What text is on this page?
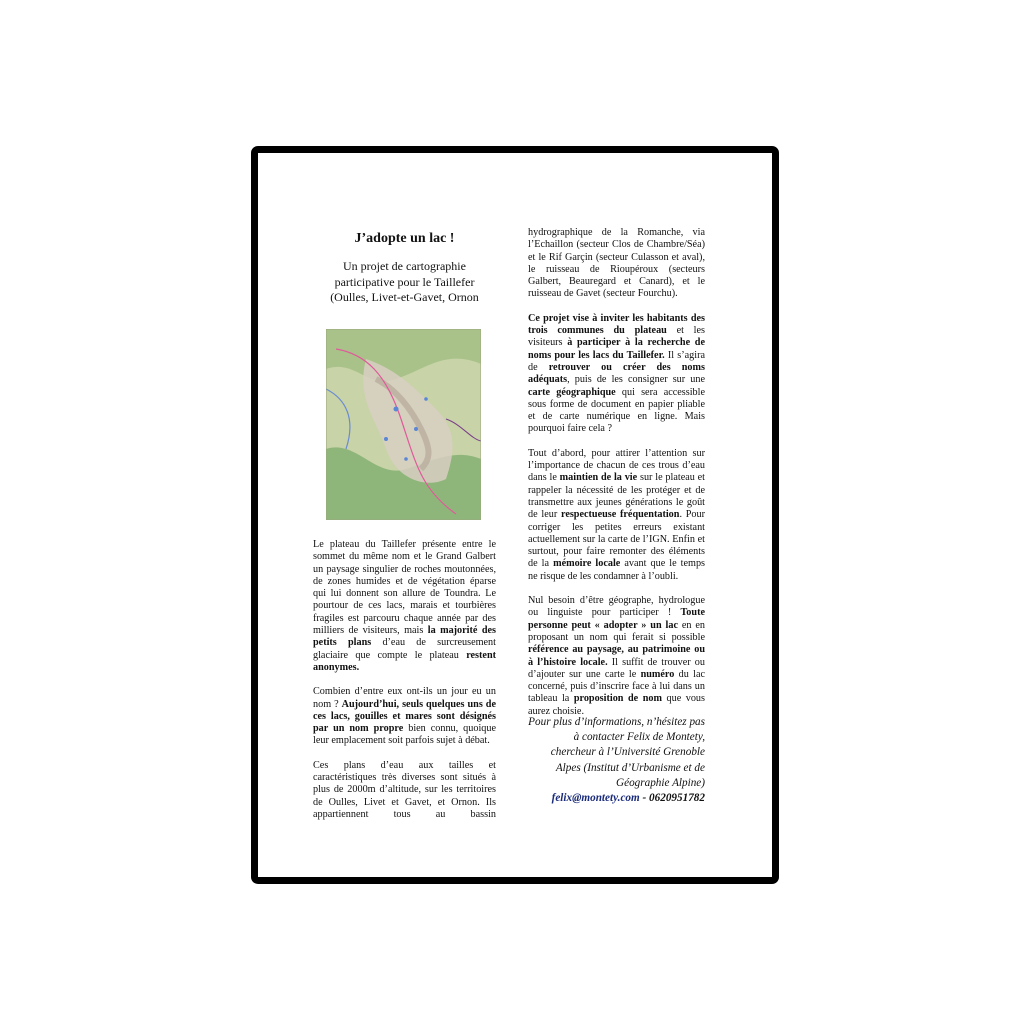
J’adopte un lac !
Un projet de cartographie
participative pour le Taillefer
(Oulles, Livet-et-Gavet, Ornon

Le plateau du Taillefer présente entre le sommet du même nom et le Grand Galbert un paysage singulier de roches moutonnées, de zones humides et de végétation éparse qui lui donnent son allure de Toundra. Le pourtour de ces lacs, marais et tourbières fragiles est parcouru chaque année par des milliers de visiteurs, mais la majorité des petits plans d’eau de surcreusement glaciaire que compte le plateau restent anonymes.

Combien d’entre eux ont-ils un jour eu un nom ? Aujourd’hui, seuls quelques uns de ces lacs, gouilles et mares sont désignés par un nom propre bien connu, quoique leur emplacement soit parfois sujet à débat.

Ces plans d’eau aux tailles et caractéristiques très diverses sont situés à plus de 2000m d’altitude, sur les territoires de Oulles, Livet et Gavet, et Ornon. Ils appartiennent tous au bassin

hydrographique de la Romanche, via l’Echaillon (secteur Clos de Chambre/Séa) et le Rif Garçin (secteur Culasson et aval), le ruisseau de Rioupéroux (secteurs Galbert, Beauregard et Canard), et le ruisseau de Gavet (secteur Fourchu).

Ce projet vise à inviter les habitants des trois communes du plateau et les visiteurs à participer à la recherche de noms pour les lacs du Taillefer. Il s’agira de retrouver ou créer des noms adéquats, puis de les consigner sur une carte géographique qui sera accessible sous forme de document en papier pliable et de carte numérique en ligne. Mais pourquoi faire cela ?

Tout d’abord, pour attirer l’attention sur l’importance de chacun de ces trous d’eau dans le maintien de la vie sur le plateau et rappeler la nécessité de les protéger et de transmettre aux jeunes générations le goût de leur respectueuse fréquentation. Pour corriger les petites erreurs existant actuellement sur la carte de l’IGN. Enfin et surtout, pour faire remonter des éléments de la mémoire locale avant que le temps ne risque de les condamner à l’oubli.

Nul besoin d’être géographe, hydrologue ou linguiste pour participer ! Toute personne peut « adopter » un lac en en proposant un nom qui ferait si possible référence au paysage, au patrimoine ou à l’histoire locale. Il suffit de trouver ou d’ajouter sur une carte le numéro du lac concerné, puis d’inscrire face à lui dans un tableau la proposition de nom que vous aurez choisie.

Pour plus d’informations, n’hésitez pas à contacter Felix de Montety, chercheur à l’Université Grenoble Alpes (Institut d’Urbanisme et de Géographie Alpine)
felix@montety.com - 0620951782
